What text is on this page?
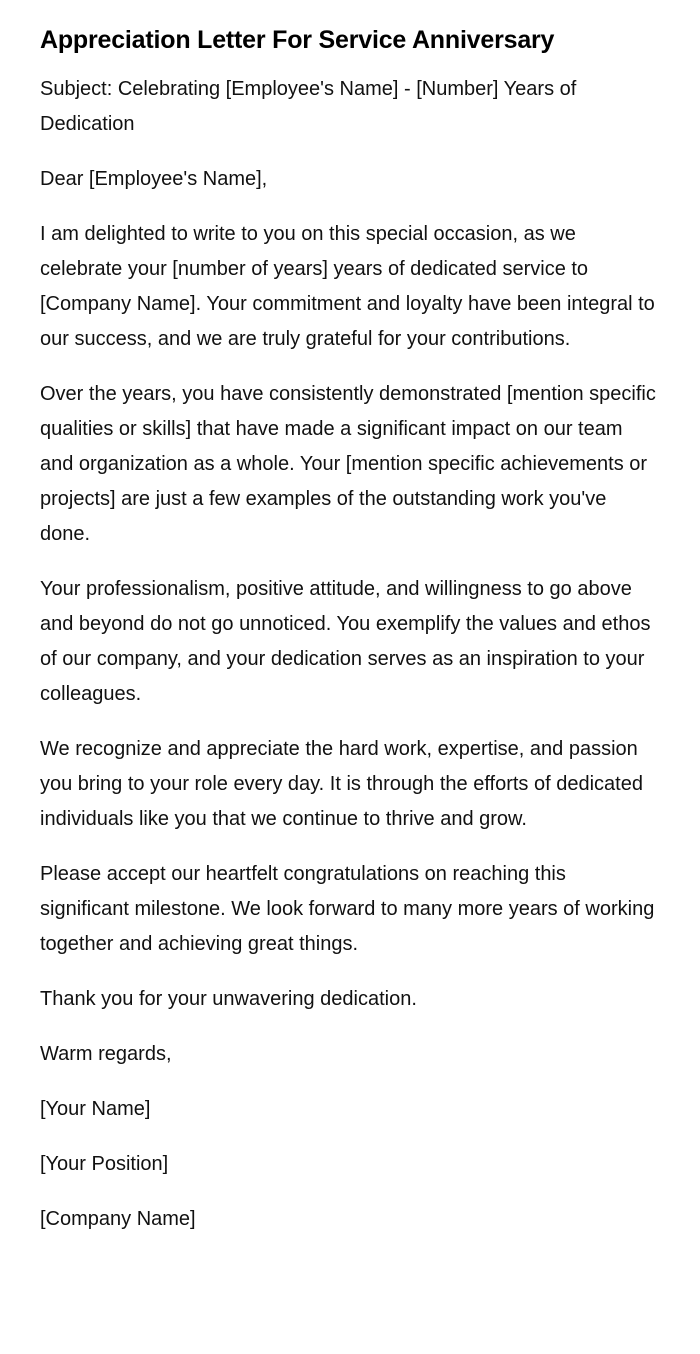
Appreciation Letter For Service Anniversary

Subject: Celebrating [Employee's Name] - [Number] Years of Dedication

Dear [Employee's Name],

I am delighted to write to you on this special occasion, as we celebrate your [number of years] years of dedicated service to [Company Name]. Your commitment and loyalty have been integral to our success, and we are truly grateful for your contributions.

Over the years, you have consistently demonstrated [mention specific qualities or skills] that have made a significant impact on our team and organization as a whole. Your [mention specific achievements or projects] are just a few examples of the outstanding work you've done.

Your professionalism, positive attitude, and willingness to go above and beyond do not go unnoticed. You exemplify the values and ethos of our company, and your dedication serves as an inspiration to your colleagues.

We recognize and appreciate the hard work, expertise, and passion you bring to your role every day. It is through the efforts of dedicated individuals like you that we continue to thrive and grow.

Please accept our heartfelt congratulations on reaching this significant milestone. We look forward to many more years of working together and achieving great things.

Thank you for your unwavering dedication.

Warm regards,

[Your Name]

[Your Position]

[Company Name]
